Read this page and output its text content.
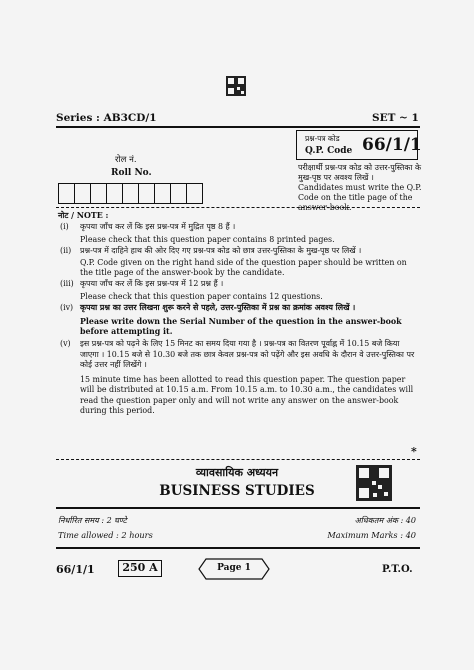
Series : AB3CD/1	SET ~ 1
रोल नं.
Roll No.
प्रश्न-पत्र कोड
Q.P. Code 66/1/1
परीक्षार्थी प्रश्न-पत्र कोड को उत्तर-पुस्तिका के मुख-पृष्ठ पर अवश्य लिखें ।
Candidates must write the Q.P. Code on the title page of the answer-book.
नोट / NOTE :
(i) कृपया जाँच कर लें कि इस प्रश्न-पत्र में मुद्रित पृष्ठ 8 हैं ।
Please check that this question paper contains 8 printed pages.
(ii) प्रश्न-पत्र में दाहिने हाथ की ओर दिए गए प्रश्न-पत्र कोड को छात्र उत्तर-पुस्तिका के मुख-पृष्ठ पर लिखें ।
Q.P. Code given on the right hand side of the question paper should be written on the title page of the answer-book by the candidate.
(iii) कृपया जाँच कर लें कि इस प्रश्न-पत्र में 12 प्रश्न हैं ।
Please check that this question paper contains 12 questions.
(iv) कृपया प्रश्न का उत्तर लिखना शुरू करने से पहले, उत्तर-पुस्तिका में प्रश्न का क्रमांक अवश्य लिखें ।
Please write down the Serial Number of the question in the answer-book before attempting it.
(v) इस प्रश्न-पत्र को पढ़ने के लिए 15 मिनट का समय दिया गया है । प्रश्न-पत्र का वितरण पूर्वाह्न में 10.15 बजे किया जाएगा । 10.15 बजे से 10.30 बजे तक छात्र केवल प्रश्न-पत्र को पढ़ेंगे और इस अवधि के दौरान वे उत्तर-पुस्तिका पर कोई उत्तर नहीं लिखेंगे ।
15 minute time has been allotted to read this question paper. The question paper will be distributed at 10.15 a.m. From 10.15 a.m. to 10.30 a.m., the candidates will read the question paper only and will not write any answer on the answer-book during this period.
*
व्यावसायिक अध्ययन
BUSINESS STUDIES
निर्धारित समय : 2 घण्टे
Time allowed : 2 hours
अधिकतम अंक : 40
Maximum Marks : 40
66/1/1	250 A	Page 1	P.T.O.
